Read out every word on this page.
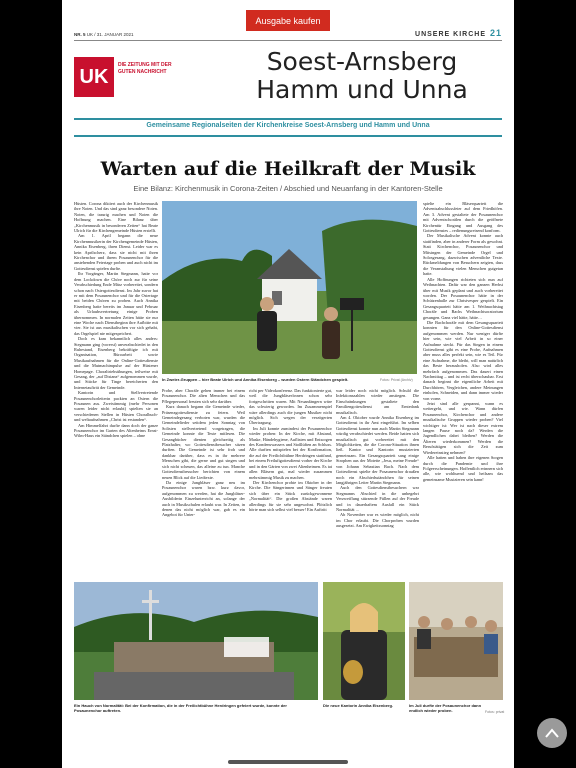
NR. 5 UK / 31. JANUAR 2021	UNSERE KIRCHE 21
UK
DIE ZEITUNG MIT DER GUTEN NACHRICHT	Soest-Arnsberg
Hamm und Unna
Gemeinsame Regionalseiten der Kirchenkreise Soest-Arnsberg und Hamm und Unna
Warten auf die Heilkraft der Musik
Eine Bilanz: Kirchenmusik in Corona-Zeiten / Abschied und Neuanfang in der Kantoren-Stelle

Hüsten. Corona diktiert auch der Kirchenmusik ihre Noten. Und das sind ganz besondere Noten. Noten, die traurig machen und Noten die Hoffnung machen. Eine Bilanz über „Kirchenmusik in besonderen Zeiten“ hat Beate Ulrich für die Kirchengemeinde Hüsten erstellt.

Am 1. April begann die neue Kirchenmusikerin der Kirchengemeinde Hüsten, Annika Eisenberg, ihren Dienst. Leider war es kein Aprilscherz, dass sie nicht mit ihren Kirchenchor und ihrem Posaunenchor für die anstehenden Feiertage proben und auch nicht im Gottesdienst spielen durfte.

Ihr Vorgänger, Martin Stegmann, hatte vor dem Lockdown die Chöre noch zur für seine Verabschiedung Ende März vorbereitet, sondern schon nach Ostergottesdienst. Im Jahr zuvor hat er mit dem Posaunenchor und für die Ostertage mit beiden Chören zu proben. Auch Annika Eisenberg hatte bereits im Januar und Februar als Urlaubsvertretung einige Proben übernommen. In normalen Zeiten hätte sie nur eine Woche nach Dienstbeginn ihre Aufbitte mit vier. Sie ist aus musikalischen vor sich gehabt, das Orgelspiel nie mitgespeichert.

Doch es kam bekanntlich alles anders: Stegmann ging (vorerst) unverabschiedet in den Ruhestand, Eisenberg bekräftigte ich mit Organisation, Büroarbeit sowie Musikaufnahmen für die Online-Gottesdienste und die Mutmachimpulse auf der Hüstener Homepage. Choraltriebsübungen, teilweise mit Gesang, der „auf Distanz“ aufgenommen wurde, und Stücke für Tinge bereicherten den Internetauftritt der Gemeinde.

Kantorin und Stellvertretende Posaunenchorleiterin packten an Ostern die Posaunen aus. Zweistimmig (mehr Personen waren leider nicht erlaubt) spielten sie an verschiedenen Stellen in Hüsten Choralbuch- und weltaufnahmen „Christ ist erstanden“.

Am Himmelfahrt durfte dann doch der ganze Posaunenchor im Garten des Altenheims Ernst-Wilm-Haus ein Ständchen spielen – ohne

In Zweier-Gruppen – hier Beate Ulrich und Annika Eisenberg – wurden Ostern Ständchen gespielt.	Fotos: Privat (Archiv)

Probe, aber Choräle gehen immer bei einem Posaunenchor. Die alten Menschen und das Pflegepersonal freuten sich sehr darüber.

Kurz danach begann die Gemeinde wieder, Präsenzgottesdienste zu feiern. Weil Gemeindegesang verboten war, wurden die Gemeindelieder seitdem jeden Sonntag von Solisten stellvertretend vorgetragen, die Gemeinde konnte die Texte mitlesen. Die Gesangbücher dienten gleichzeitig als Platzhalter, wo Gottesdienstbesucher sitzen durften. Die Gemeinde ist sehr froh und dankbar darüber, dass es in ihr mehrere Menschen gibt, die gerne und gut singen und sich nicht scheuen, das alleine zu tun. Manche Gottesdienstbesucher berichten von einem neuen Blick auf die Liedtexte.

Da einige Jungbläser ganz neu im Posaunenchor waren bzw. kurz davor, aufgenommen zu werden, hat die Jungbläser-Ausbilderin Einzelunterricht an, solange der auch in Musikschulen erlaubt war. In Zeiten, in denen das nicht möglich war, gab es ein Angebot für Unter-

richt per Videokonferenz. Das funktionierte gut, weil die Jungbläser/innen schon sehr fortgeschritten waren. Mit Neuanfängern wäre das schwierig geworden. Im Zusammenspiel wäre allerdings auch die jungen Musiker nicht möglich. Sich wegen der verzögerten Übertragung.

Im Juli konnte zumindest der Posaunenchor wieder proben: In der Kirche, mit Abstand, Maske, Händehygiene, Auflisten und Entsorgen des Kondenswassers und Stoßlüften an Schluss. Alle durften mitspielen bei der Konfirmation, die auf der Freilichtbühne Herdringen stattfand, bei einem Freiluftgottesdienst vorher der Kirche und in den Gärten von zwei Altenheimen. Es tat allen Bläsern gut, mal wieder zusammen mehrstimmig Musik zu machen.

Der Kirchenchor probte im Oktober in der Kirche. Die Sängerinnen und Sänger freuten sich über ein Stück zurückgewonnene „Normalität“. Die großen Abstände waren allerdings für sie sehr ungewohnt. Plötzlich hörte man sich selbst viel besser! Ein Auftritt

war leider noch nicht möglich. Schuld die Infektionszahlen wieder anstiegen. Die Einschränkungen gestaltete den Familiengottesdienst am Erntedank musikalisch.

Am 4. Oktober wurde Annika Eisenberg im Gottesdienst in ihr Amt eingeführt. Im selben Gottesdienst konnte nun auch Martin Stegmann würdig verabschiedet werden. Beide hatten sich musikalisch gut vorbereitet mit den Möglichkeiten, die die Corona-Situation ihnen ließ. Kantor und Kantorin musizierten gemeinsam. Ein Gesangsquartett sang einige Strophen aus der Motette „Jesu, meine Freude“ von Johann Sebastian Bach. Nach dem Gottesdienst spielte der Posaunenchor draußen noch ein Abschiedsständchen für seinen langjährigen Leiter Martin Stegmann.

Auch den Gottesdienstbesuchern war Stegmanns Abschied in die unbegehrt Verzweiflung stürzende Füllen auf der Freude und in dauerhaftem Ausfall ein Stück Normalität ...

Ab November war es wieder möglich, nicht im Chor erlaubt. Die Chorproben wurden ausgesetzt. Am Ewigkeitssonntag

spielte ein Bläserquartett die Adventsabschlussfeier auf dem Friedhöfen. Am 3. Advent gestaltete der Posaunenchor mit Adventschorälen durch die geöffnete Kirchentür Eingang und Ausgang des Gottesdienstes – redienungsreisend konform.

Der Musikalische Advent konnte auch stattfinden, aber in anderer Form als gewohnt. Statt Kirchenchor, Posaunenchor und Mitsingen der Gemeinde Orgel und Solosgesang, dazwischen adventliche Texte. Rückmeldungen von Besuchern zeigten, dass die Veranstaltung vielen Menschen gutgetan hatte.

Alle Hoffnungen richteten sich nun auf Weihnachten. Dafür war den ganzen Herbst über mit Musik geplant und auch vorbereitet worden. Der Posaunenchor hätte in der Schützenhalle zur Christvesper gespielt. Ein Gesangsquartett hätte am 1. Weihnachtstag Choräle und Bachs Weihnachtsoratorium gesungen. Ganz viel hätte, hätte…

Die Bachchoräle mit dem Gesangsquartett konnten für den Online-Gottesdienst aufgenommen werden. Nur weniger dürfte hier sein, wie viel Arbeit in so einer Aufnahme steckt. Für das Singen in einem Gottesdienst gibt es eine Probe, Aufnahmen aber muss alles perfekt sein, wie es Teil. Für eine Aufnahme, die bleibt, will man natürlich das Beste herausholen. Also wird alles mehrfach aufgenommen. Das dauert einen Nachmittag – und ist recht überschaubar. Erst danach beginnt die eigentliche Arbeit mit Durchhören, Vergleichen, andere Meinungen einholen, Schneiden, und dann immer wieder von vorne.

Jetzt sind alle gespannt, wann es weitergeht, und wie. Wann dürfen Posaunenchor, Kirchenchor und andere musikalische Gruppen wieder proben? Viel wichtiger ist: Wer ist nach dieser extrem langen Pause noch da? Werden die Jugendlichen dabei bleiben? Werden die Älteren wiederkommen? Werden die Berufstätigen sich die Zeit zum Wiedereinstieg nehmen?

Alle hatten und haben ihre eigenen Sorgen durch die Pandemie und ihre Folgeerscheinungen. Hoffentlich erinnern sich alle, wie wohltuend und heilsam das gemeinsame Musizieren sein kann!

Ein Hauch von Normalität: Bei der Konfirmation, die in der Freilichtbühne Herdringen gefeiert wurde, konnte der Posaunenchor auftreten.
Die neue Kantorin Annika Eisenberg.	Im Juli durfte der Posaunenchor dann endlich wieder proben.	Fotos: privat
Ausgabe kaufen
